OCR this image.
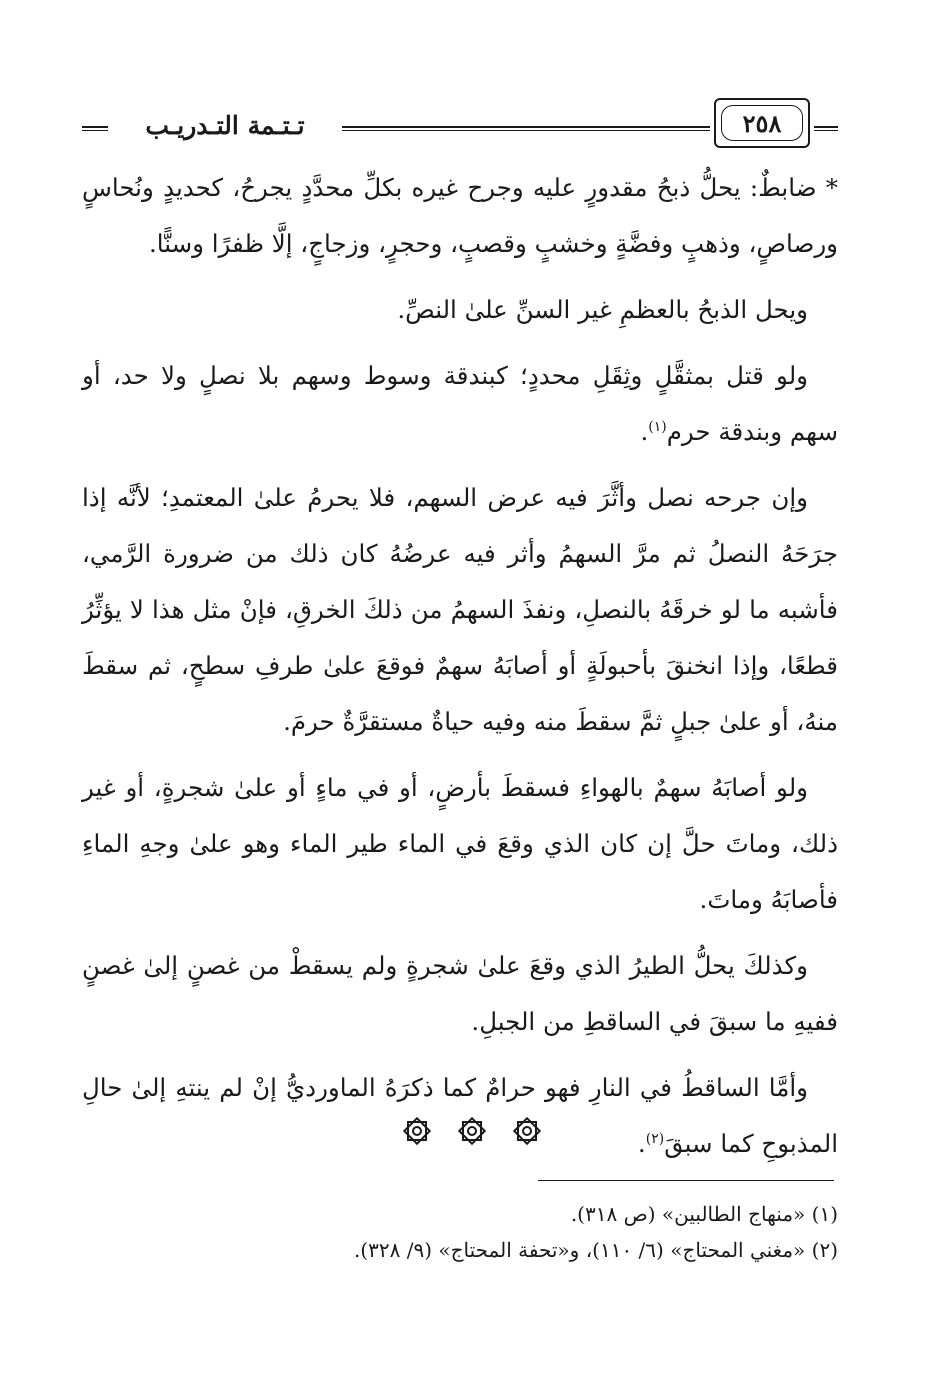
تـتـمة التـدريـب	٢٥٨

* ضابطٌ: يحلُّ ذبحُ مقدورٍ عليه وجرح غيره بكلِّ محدَّدٍ يجرحُ، كحديدٍ ونُحاسٍ ورصاصٍ، وذهبٍ وفضَّةٍ وخشبٍ وقصبٍ، وحجرٍ، وزجاجٍ، إلَّا ظفرًا وسنًّا.

ويحل الذبحُ بالعظمِ غير السنِّ علىٰ النصِّ.

ولو قتل بمثقَّلٍ وثِقَلِ محددٍ؛ كبندقة وسوط وسهم بلا نصلٍ ولا حد، أو سهم وبندقة حرم$^{(١)}$.

وإن جرحه نصل وأثَّرَ فيه عرض السهم، فلا يحرمُ علىٰ المعتمدِ؛ لأنَّه إذا جرَحَهُ النصلُ ثم مرَّ السهمُ وأثر فيه عرضُهُ كان ذلك من ضرورة الرَّمي، فأشبه ما لو خرقَهُ بالنصلِ، ونفذَ السهمُ من ذلكَ الخرقِ، فإنْ مثل هذا لا يؤثِّرُ قطعًا، وإذا انخنقَ بأحبولَةٍ أو أصابَهُ سهمٌ فوقعَ علىٰ طرفِ سطحٍ، ثم سقطَ منهُ، أو علىٰ جبلٍ ثمَّ سقطَ منه وفيه حياةٌ مستقرَّةٌ حرمَ.

ولو أصابَهُ سهمٌ بالهواءِ فسقطَ بأرضٍ، أو في ماءٍ أو علىٰ شجرةٍ، أو غير ذلك، وماتَ حلَّ إن كان الذي وقعَ في الماء طير الماء وهو علىٰ وجهِ الماءِ فأصابَهُ وماتَ.

وكذلكَ يحلُّ الطيرُ الذي وقعَ علىٰ شجرةٍ ولم يسقطْ من غصنٍ إلىٰ غصنٍ ففيهِ ما سبقَ في الساقطِ من الجبلِ.

وأمَّا الساقطُ في النارِ فهو حرامٌ كما ذكرَهُ الماورديُّ إنْ لم ينتهِ إلىٰ حالِ المذبوحِ كما سبقَ$^{(٢)}$.

(١) «منهاج الطالبين» (ص ٣١٨).

(٢) «مغني المحتاج» (٦/ ١١٠)، و«تحفة المحتاج» (٩/ ٣٢٨).
